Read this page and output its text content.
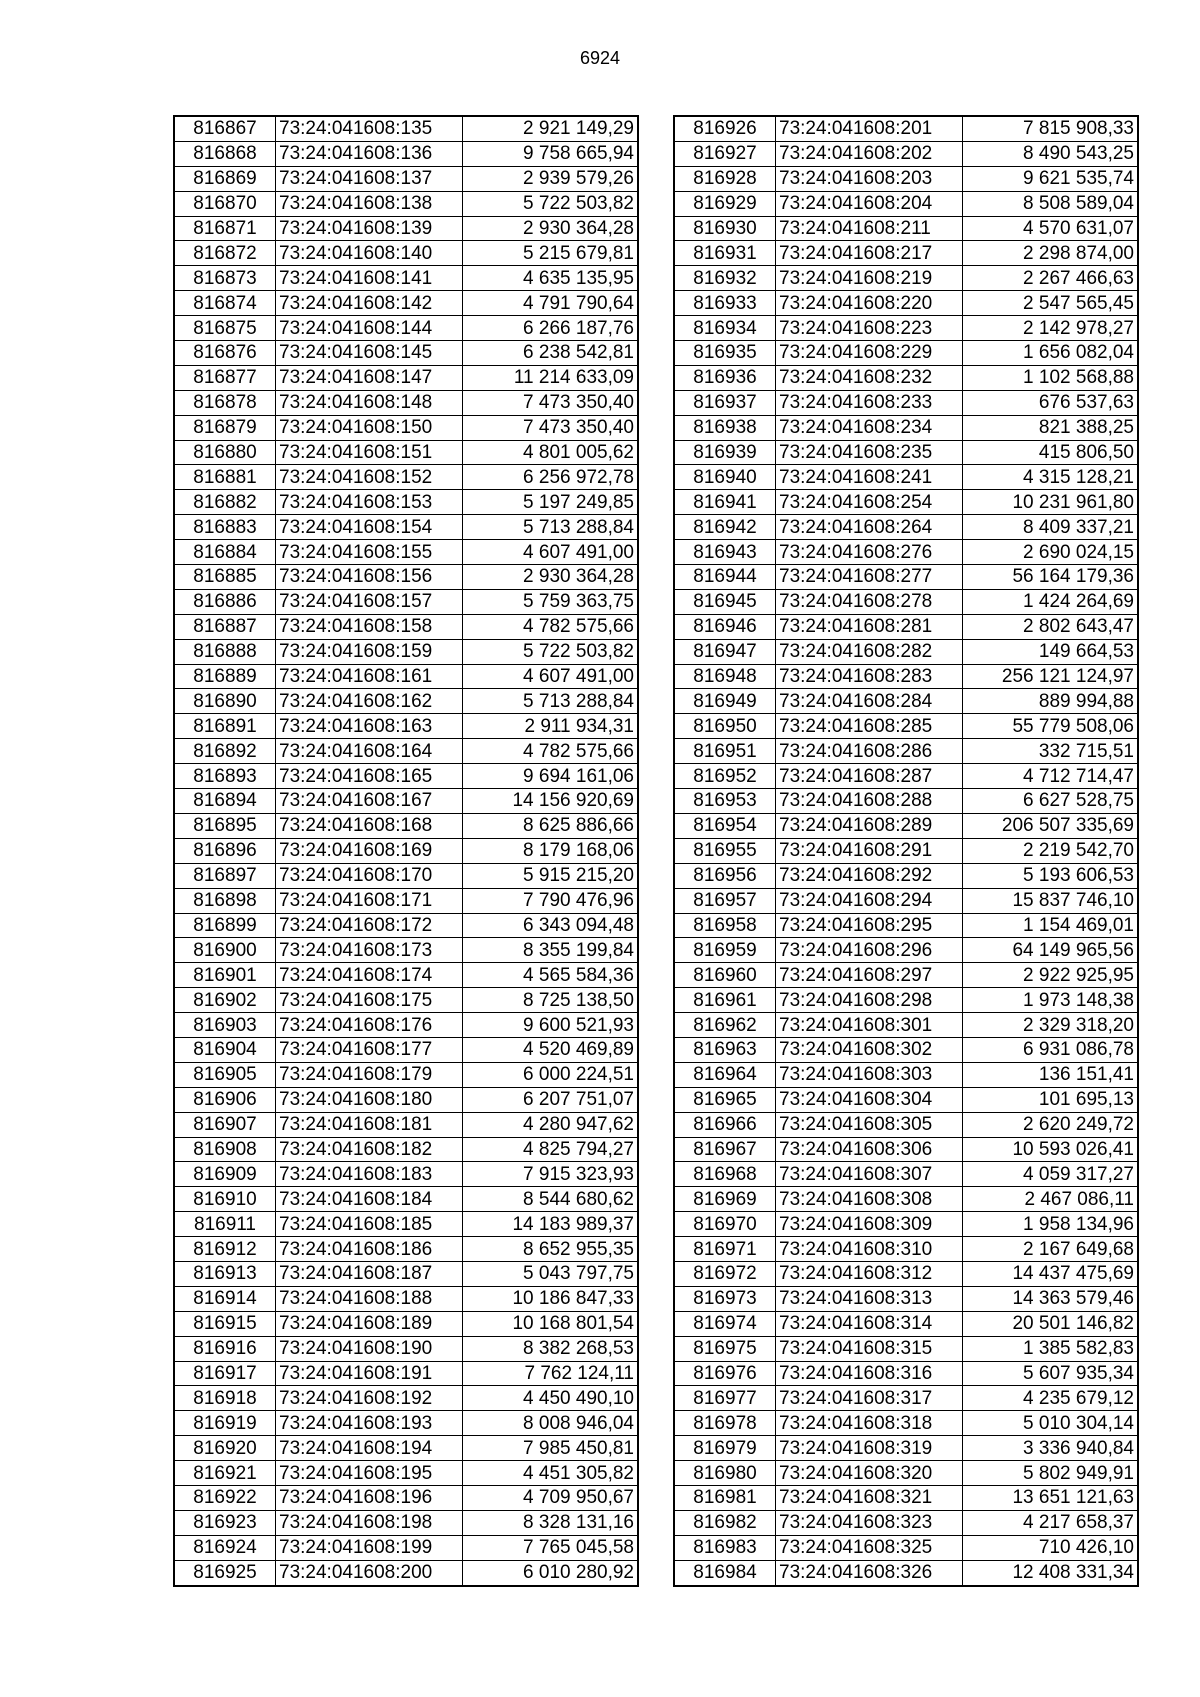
6924
816867	73:24:041608:135	2 921 149,29
816868	73:24:041608:136	9 758 665,94
816869	73:24:041608:137	2 939 579,26
816870	73:24:041608:138	5 722 503,82
816871	73:24:041608:139	2 930 364,28
816872	73:24:041608:140	5 215 679,81
816873	73:24:041608:141	4 635 135,95
816874	73:24:041608:142	4 791 790,64
816875	73:24:041608:144	6 266 187,76
816876	73:24:041608:145	6 238 542,81
816877	73:24:041608:147	11 214 633,09
816878	73:24:041608:148	7 473 350,40
816879	73:24:041608:150	7 473 350,40
816880	73:24:041608:151	4 801 005,62
816881	73:24:041608:152	6 256 972,78
816882	73:24:041608:153	5 197 249,85
816883	73:24:041608:154	5 713 288,84
816884	73:24:041608:155	4 607 491,00
816885	73:24:041608:156	2 930 364,28
816886	73:24:041608:157	5 759 363,75
816887	73:24:041608:158	4 782 575,66
816888	73:24:041608:159	5 722 503,82
816889	73:24:041608:161	4 607 491,00
816890	73:24:041608:162	5 713 288,84
816891	73:24:041608:163	2 911 934,31
816892	73:24:041608:164	4 782 575,66
816893	73:24:041608:165	9 694 161,06
816894	73:24:041608:167	14 156 920,69
816895	73:24:041608:168	8 625 886,66
816896	73:24:041608:169	8 179 168,06
816897	73:24:041608:170	5 915 215,20
816898	73:24:041608:171	7 790 476,96
816899	73:24:041608:172	6 343 094,48
816900	73:24:041608:173	8 355 199,84
816901	73:24:041608:174	4 565 584,36
816902	73:24:041608:175	8 725 138,50
816903	73:24:041608:176	9 600 521,93
816904	73:24:041608:177	4 520 469,89
816905	73:24:041608:179	6 000 224,51
816906	73:24:041608:180	6 207 751,07
816907	73:24:041608:181	4 280 947,62
816908	73:24:041608:182	4 825 794,27
816909	73:24:041608:183	7 915 323,93
816910	73:24:041608:184	8 544 680,62
816911	73:24:041608:185	14 183 989,37
816912	73:24:041608:186	8 652 955,35
816913	73:24:041608:187	5 043 797,75
816914	73:24:041608:188	10 186 847,33
816915	73:24:041608:189	10 168 801,54
816916	73:24:041608:190	8 382 268,53
816917	73:24:041608:191	7 762 124,11
816918	73:24:041608:192	4 450 490,10
816919	73:24:041608:193	8 008 946,04
816920	73:24:041608:194	7 985 450,81
816921	73:24:041608:195	4 451 305,82
816922	73:24:041608:196	4 709 950,67
816923	73:24:041608:198	8 328 131,16
816924	73:24:041608:199	7 765 045,58
816925	73:24:041608:200	6 010 280,92
816926	73:24:041608:201	7 815 908,33
816927	73:24:041608:202	8 490 543,25
816928	73:24:041608:203	9 621 535,74
816929	73:24:041608:204	8 508 589,04
816930	73:24:041608:211	4 570 631,07
816931	73:24:041608:217	2 298 874,00
816932	73:24:041608:219	2 267 466,63
816933	73:24:041608:220	2 547 565,45
816934	73:24:041608:223	2 142 978,27
816935	73:24:041608:229	1 656 082,04
816936	73:24:041608:232	1 102 568,88
816937	73:24:041608:233	676 537,63
816938	73:24:041608:234	821 388,25
816939	73:24:041608:235	415 806,50
816940	73:24:041608:241	4 315 128,21
816941	73:24:041608:254	10 231 961,80
816942	73:24:041608:264	8 409 337,21
816943	73:24:041608:276	2 690 024,15
816944	73:24:041608:277	56 164 179,36
816945	73:24:041608:278	1 424 264,69
816946	73:24:041608:281	2 802 643,47
816947	73:24:041608:282	149 664,53
816948	73:24:041608:283	256 121 124,97
816949	73:24:041608:284	889 994,88
816950	73:24:041608:285	55 779 508,06
816951	73:24:041608:286	332 715,51
816952	73:24:041608:287	4 712 714,47
816953	73:24:041608:288	6 627 528,75
816954	73:24:041608:289	206 507 335,69
816955	73:24:041608:291	2 219 542,70
816956	73:24:041608:292	5 193 606,53
816957	73:24:041608:294	15 837 746,10
816958	73:24:041608:295	1 154 469,01
816959	73:24:041608:296	64 149 965,56
816960	73:24:041608:297	2 922 925,95
816961	73:24:041608:298	1 973 148,38
816962	73:24:041608:301	2 329 318,20
816963	73:24:041608:302	6 931 086,78
816964	73:24:041608:303	136 151,41
816965	73:24:041608:304	101 695,13
816966	73:24:041608:305	2 620 249,72
816967	73:24:041608:306	10 593 026,41
816968	73:24:041608:307	4 059 317,27
816969	73:24:041608:308	2 467 086,11
816970	73:24:041608:309	1 958 134,96
816971	73:24:041608:310	2 167 649,68
816972	73:24:041608:312	14 437 475,69
816973	73:24:041608:313	14 363 579,46
816974	73:24:041608:314	20 501 146,82
816975	73:24:041608:315	1 385 582,83
816976	73:24:041608:316	5 607 935,34
816977	73:24:041608:317	4 235 679,12
816978	73:24:041608:318	5 010 304,14
816979	73:24:041608:319	3 336 940,84
816980	73:24:041608:320	5 802 949,91
816981	73:24:041608:321	13 651 121,63
816982	73:24:041608:323	4 217 658,37
816983	73:24:041608:325	710 426,10
816984	73:24:041608:326	12 408 331,34
